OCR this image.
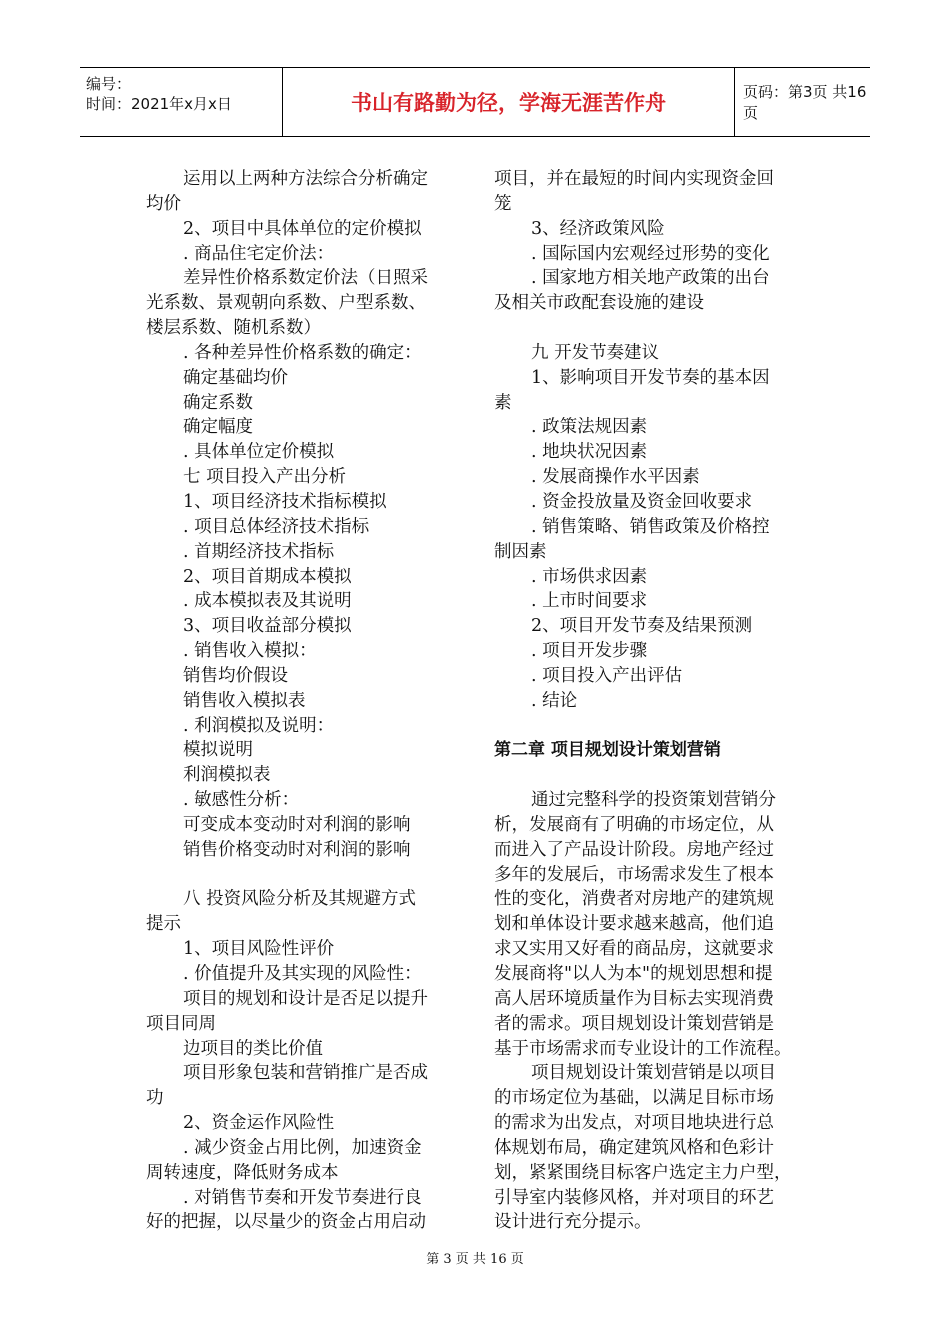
编号：
时间：2021年x月x日	书山有路勤为径，学海无涯苦作舟	页码：第3页 共16页
运用以上两种方法综合分析确定
均价
2、项目中具体单位的定价模拟
. 商品住宅定价法：
差异性价格系数定价法（日照采
光系数、景观朝向系数、户型系数、
楼层系数、随机系数）
. 各种差异性价格系数的确定：
确定基础均价
确定系数
确定幅度
. 具体单位定价模拟
七 项目投入产出分析
1、项目经济技术指标模拟
. 项目总体经济技术指标
. 首期经济技术指标
2、项目首期成本模拟
. 成本模拟表及其说明
3、项目收益部分模拟
. 销售收入模拟：
销售均价假设
销售收入模拟表
. 利润模拟及说明：
模拟说明
利润模拟表
. 敏感性分析：
可变成本变动时对利润的影响
销售价格变动时对利润的影响
八 投资风险分析及其规避方式
提示
1、项目风险性评价
. 价值提升及其实现的风险性：
项目的规划和设计是否足以提升
项目同周
边项目的类比价值
项目形象包装和营销推广是否成
功
2、资金运作风险性
. 减少资金占用比例，加速资金
周转速度，降低财务成本
. 对销售节奏和开发节奏进行良
好的把握，以尽量少的资金占用启动
项目，并在最短的时间内实现资金回
笼
3、经济政策风险
. 国际国内宏观经过形势的变化
. 国家地方相关地产政策的出台
及相关市政配套设施的建设
九 开发节奏建议
1、影响项目开发节奏的基本因
素
. 政策法规因素
. 地块状况因素
. 发展商操作水平因素
. 资金投放量及资金回收要求
. 销售策略、销售政策及价格控
制因素
. 市场供求因素
. 上市时间要求
2、项目开发节奏及结果预测
. 项目开发步骤
. 项目投入产出评估
. 结论
第二章 项目规划设计策划营销
通过完整科学的投资策划营销分
析，发展商有了明确的市场定位，从
而进入了产品设计阶段。房地产经过
多年的发展后，市场需求发生了根本
性的变化，消费者对房地产的建筑规
划和单体设计要求越来越高，他们追
求又实用又好看的商品房，这就要求
发展商将"以人为本"的规划思想和提
高人居环境质量作为目标去实现消费
者的需求。项目规划设计策划营销是
基于市场需求而专业设计的工作流程。
项目规划设计策划营销是以项目
的市场定位为基础，以满足目标市场
的需求为出发点，对项目地块进行总
体规划布局，确定建筑风格和色彩计
划，紧紧围绕目标客户选定主力户型，
引导室内装修风格，并对项目的环艺
设计进行充分提示。
第 3 页 共 16 页
